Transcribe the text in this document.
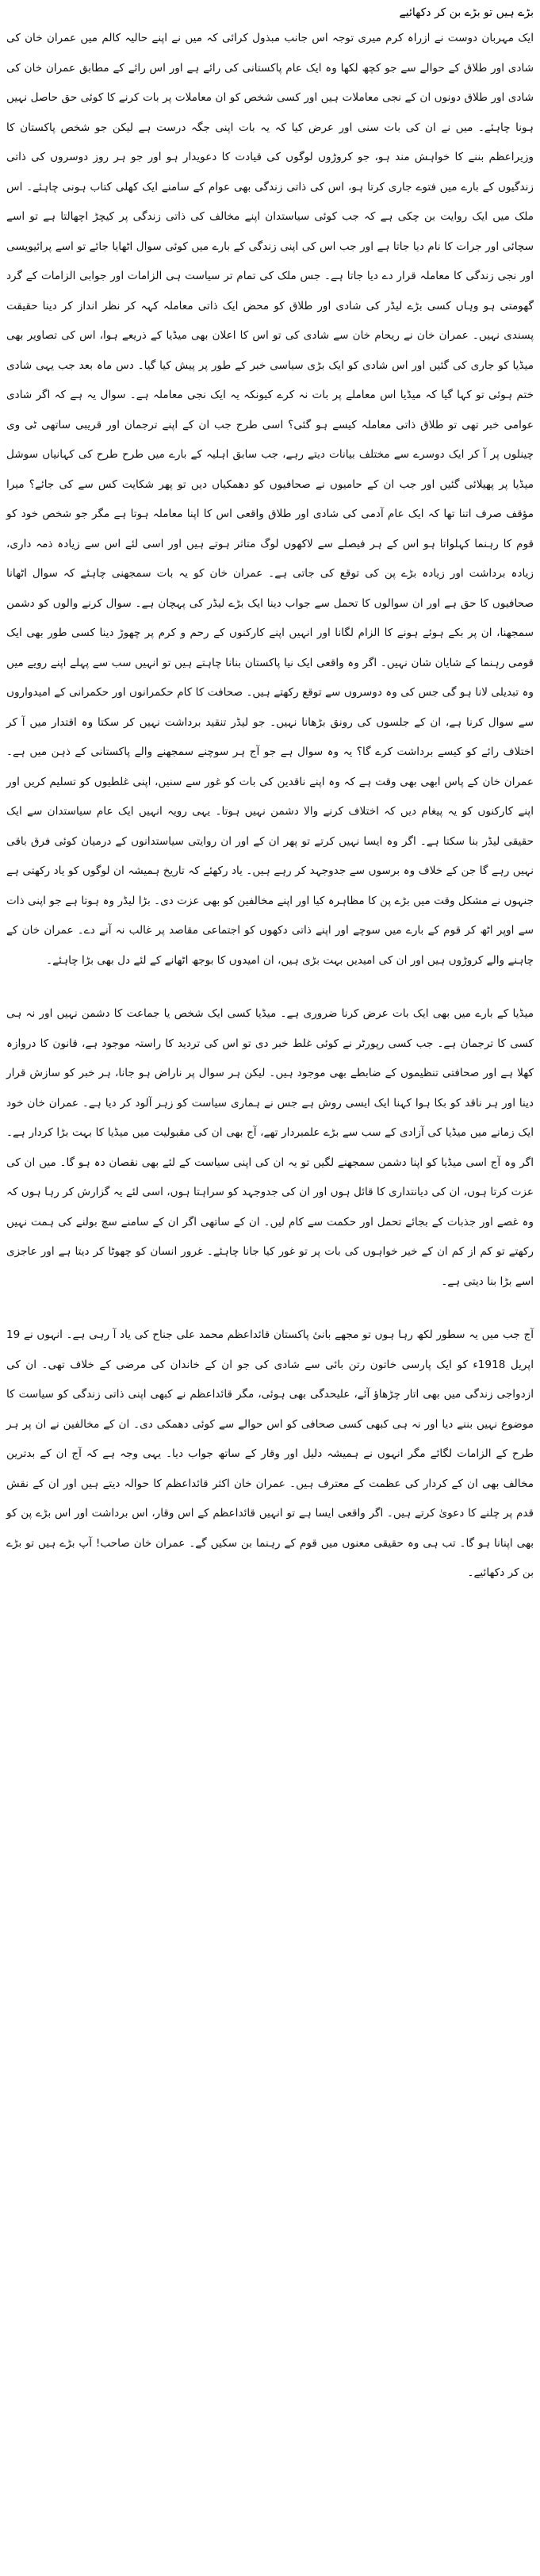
بڑے ہیں تو بڑے بن کر دکھائیے

ایک مہربان دوست نے ازراہ کرم میری توجہ اس جانب مبذول کرائی کہ میں نے اپنے حالیہ کالم میں عمران خان کی شادی اور طلاق کے حوالے سے جو کچھ لکھا وہ ایک عام پاکستانی کی رائے ہے اور اس رائے کے مطابق عمران خان کی شادی اور طلاق دونوں ان کے نجی معاملات ہیں اور کسی شخص کو ان معاملات پر بات کرنے کا کوئی حق حاصل نہیں ہونا چاہئے۔ میں نے ان کی بات سنی اور عرض کیا کہ یہ بات اپنی جگہ درست ہے لیکن جو شخص پاکستان کا وزیراعظم بننے کا خواہش مند ہو، جو کروڑوں لوگوں کی قیادت کا دعویدار ہو اور جو ہر روز دوسروں کی ذاتی زندگیوں کے بارے میں فتوے جاری کرتا ہو، اس کی ذاتی زندگی بھی عوام کے سامنے ایک کھلی کتاب ہونی چاہئے۔ اس ملک میں ایک روایت بن چکی ہے کہ جب کوئی سیاستدان اپنے مخالف کی ذاتی زندگی پر کیچڑ اچھالتا ہے تو اسے سچائی اور جرات کا نام دیا جاتا ہے اور جب اس کی اپنی زندگی کے بارے میں کوئی سوال اٹھایا جائے تو اسے پرائیویسی اور نجی زندگی کا معاملہ قرار دے دیا جاتا ہے۔ جس ملک کی تمام تر سیاست ہی الزامات اور جوابی الزامات کے گرد گھومتی ہو وہاں کسی بڑے لیڈر کی شادی اور طلاق کو محض ایک ذاتی معاملہ کہہ کر نظر انداز کر دینا حقیقت پسندی نہیں۔ عمران خان نے ریحام خان سے شادی کی تو اس کا اعلان بھی میڈیا کے ذریعے ہوا، اس کی تصاویر بھی میڈیا کو جاری کی گئیں اور اس شادی کو ایک بڑی سیاسی خبر کے طور پر پیش کیا گیا۔ دس ماہ بعد جب یہی شادی ختم ہوئی تو کہا گیا کہ میڈیا اس معاملے پر بات نہ کرے کیونکہ یہ ایک نجی معاملہ ہے۔ سوال یہ ہے کہ اگر شادی عوامی خبر تھی تو طلاق ذاتی معاملہ کیسے ہو گئی؟ اسی طرح جب ان کے اپنے ترجمان اور قریبی ساتھی ٹی وی چینلوں پر آ کر ایک دوسرے سے مختلف بیانات دیتے رہے، جب سابق اہلیہ کے بارے میں طرح طرح کی کہانیاں سوشل میڈیا پر پھیلائی گئیں اور جب ان کے حامیوں نے صحافیوں کو دھمکیاں دیں تو پھر شکایت کس سے کی جائے؟ میرا مؤقف صرف اتنا تھا کہ ایک عام آدمی کی شادی اور طلاق واقعی اس کا اپنا معاملہ ہوتا ہے مگر جو شخص خود کو قوم کا رہنما کہلواتا ہو اس کے ہر فیصلے سے لاکھوں لوگ متاثر ہوتے ہیں اور اسی لئے اس سے زیادہ ذمہ داری، زیادہ برداشت اور زیادہ بڑے پن کی توقع کی جاتی ہے۔ عمران خان کو یہ بات سمجھنی چاہئے کہ سوال اٹھانا صحافیوں کا حق ہے اور ان سوالوں کا تحمل سے جواب دینا ایک بڑے لیڈر کی پہچان ہے۔ سوال کرنے والوں کو دشمن سمجھنا، ان پر بکے ہوئے ہونے کا الزام لگانا اور انہیں اپنے کارکنوں کے رحم و کرم پر چھوڑ دینا کسی طور بھی ایک قومی رہنما کے شایان شان نہیں۔ اگر وہ واقعی ایک نیا پاکستان بنانا چاہتے ہیں تو انہیں سب سے پہلے اپنے رویے میں وہ تبدیلی لانا ہو گی جس کی وہ دوسروں سے توقع رکھتے ہیں۔ صحافت کا کام حکمرانوں اور حکمرانی کے امیدواروں سے سوال کرنا ہے، ان کے جلسوں کی رونق بڑھانا نہیں۔ جو لیڈر تنقید برداشت نہیں کر سکتا وہ اقتدار میں آ کر اختلاف رائے کو کیسے برداشت کرے گا؟ یہ وہ سوال ہے جو آج ہر سوچنے سمجھنے والے پاکستانی کے ذہن میں ہے۔ عمران خان کے پاس ابھی بھی وقت ہے کہ وہ اپنے ناقدین کی بات کو غور سے سنیں، اپنی غلطیوں کو تسلیم کریں اور اپنے کارکنوں کو یہ پیغام دیں کہ اختلاف کرنے والا دشمن نہیں ہوتا۔ یہی رویہ انہیں ایک عام سیاستدان سے ایک حقیقی لیڈر بنا سکتا ہے۔ اگر وہ ایسا نہیں کرتے تو پھر ان کے اور ان روایتی سیاستدانوں کے درمیان کوئی فرق باقی نہیں رہے گا جن کے خلاف وہ برسوں سے جدوجہد کر رہے ہیں۔ یاد رکھئے کہ تاریخ ہمیشہ ان لوگوں کو یاد رکھتی ہے جنہوں نے مشکل وقت میں بڑے پن کا مظاہرہ کیا اور اپنے مخالفین کو بھی عزت دی۔ بڑا لیڈر وہ ہوتا ہے جو اپنی ذات سے اوپر اٹھ کر قوم کے بارے میں سوچے اور اپنے ذاتی دکھوں کو اجتماعی مقاصد پر غالب نہ آنے دے۔ عمران خان کے چاہنے والے کروڑوں ہیں اور ان کی امیدیں بہت بڑی ہیں، ان امیدوں کا بوجھ اٹھانے کے لئے دل بھی بڑا چاہئے۔

میڈیا کے بارے میں بھی ایک بات عرض کرنا ضروری ہے۔ میڈیا کسی ایک شخص یا جماعت کا دشمن نہیں اور نہ ہی کسی کا ترجمان ہے۔ جب کسی رپورٹر نے کوئی غلط خبر دی تو اس کی تردید کا راستہ موجود ہے، قانون کا دروازہ کھلا ہے اور صحافتی تنظیموں کے ضابطے بھی موجود ہیں۔ لیکن ہر سوال پر ناراض ہو جانا، ہر خبر کو سازش قرار دینا اور ہر ناقد کو بکا ہوا کہنا ایک ایسی روش ہے جس نے ہماری سیاست کو زہر آلود کر دیا ہے۔ عمران خان خود ایک زمانے میں میڈیا کی آزادی کے سب سے بڑے علمبردار تھے، آج بھی ان کی مقبولیت میں میڈیا کا بہت بڑا کردار ہے۔ اگر وہ آج اسی میڈیا کو اپنا دشمن سمجھنے لگیں تو یہ ان کی اپنی سیاست کے لئے بھی نقصان دہ ہو گا۔ میں ان کی عزت کرتا ہوں، ان کی دیانتداری کا قائل ہوں اور ان کی جدوجہد کو سراہتا ہوں، اسی لئے یہ گزارش کر رہا ہوں کہ وہ غصے اور جذبات کے بجائے تحمل اور حکمت سے کام لیں۔ ان کے ساتھی اگر ان کے سامنے سچ بولنے کی ہمت نہیں رکھتے تو کم از کم ان کے خیر خواہوں کی بات پر تو غور کیا جانا چاہئے۔ غرور انسان کو چھوٹا کر دیتا ہے اور عاجزی اسے بڑا بنا دیتی ہے۔

آج جب میں یہ سطور لکھ رہا ہوں تو مجھے بانیٔ پاکستان قائداعظم محمد علی جناح کی یاد آ رہی ہے۔ انہوں نے 19 اپریل 1918ء کو ایک پارسی خاتون رتن بائی سے شادی کی جو ان کے خاندان کی مرضی کے خلاف تھی۔ ان کی ازدواجی زندگی میں بھی اتار چڑھاؤ آئے، علیحدگی بھی ہوئی، مگر قائداعظم نے کبھی اپنی ذاتی زندگی کو سیاست کا موضوع نہیں بننے دیا اور نہ ہی کبھی کسی صحافی کو اس حوالے سے کوئی دھمکی دی۔ ان کے مخالفین نے ان پر ہر طرح کے الزامات لگائے مگر انہوں نے ہمیشہ دلیل اور وقار کے ساتھ جواب دیا۔ یہی وجہ ہے کہ آج ان کے بدترین مخالف بھی ان کے کردار کی عظمت کے معترف ہیں۔ عمران خان اکثر قائداعظم کا حوالہ دیتے ہیں اور ان کے نقش قدم پر چلنے کا دعویٰ کرتے ہیں۔ اگر واقعی ایسا ہے تو انہیں قائداعظم کے اس وقار، اس برداشت اور اس بڑے پن کو بھی اپنانا ہو گا۔ تب ہی وہ حقیقی معنوں میں قوم کے رہنما بن سکیں گے۔ عمران خان صاحب! آپ بڑے ہیں تو بڑے بن کر دکھائیے۔
